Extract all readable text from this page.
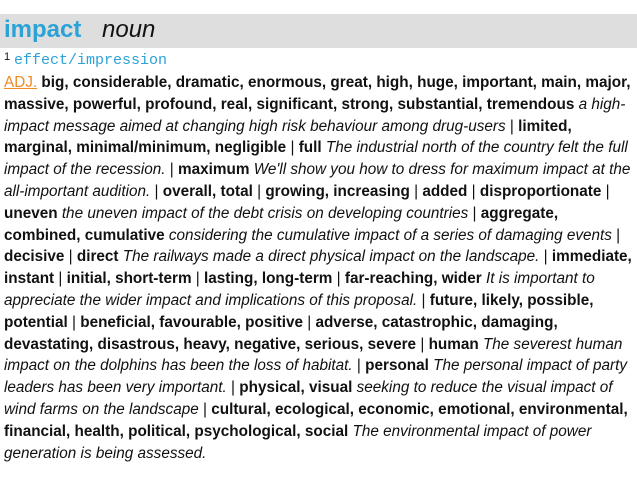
impact noun
$^1$ effect/impression
ADJ. big, considerable, dramatic, enormous, great, high, huge, important, main, major, massive, powerful, profound, real, significant, strong, substantial, tremendous a high-impact message aimed at changing high risk behaviour among drug-users | limited, marginal, minimal/minimum, negligible | full The industrial north of the country felt the full impact of the recession. | maximum We'll show you how to dress for maximum impact at the all-important audition. | overall, total | growing, increasing | added | disproportionate | uneven the uneven impact of the debt crisis on developing countries | aggregate, combined, cumulative considering the cumulative impact of a series of damaging events | decisive | direct The railways made a direct physical impact on the landscape. | immediate, instant | initial, short-term | lasting, long-term | far-reaching, wider It is important to appreciate the wider impact and implications of this proposal. | future, likely, possible, potential | beneficial, favourable, positive | adverse, catastrophic, damaging, devastating, disastrous, heavy, negative, serious, severe | human The severest human impact on the dolphins has been the loss of habitat. | personal The personal impact of party leaders has been very important. | physical, visual seeking to reduce the visual impact of wind farms on the landscape | cultural, ecological, economic, emotional, environmental, financial, health, political, psychological, social The environmental impact of power generation is being assessed.
